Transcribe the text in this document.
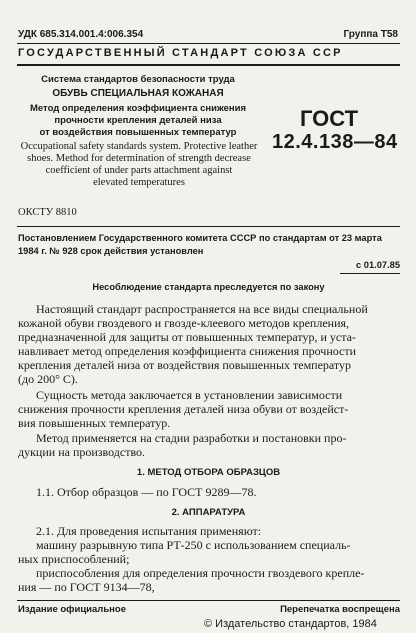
УДК 685.314.001.4:006.354	Группа Т58
ГОСУДАРСТВЕННЫЙ СТАНДАРТ СОЮЗА ССР
Система стандартов безопасности труда
ОБУВЬ СПЕЦИАЛЬНАЯ КОЖАНАЯ
Метод определения коэффициента снижения
прочности крепления деталей низа
от воздействия повышенных температур
Occupational safety standards system. Protective leather
shoes. Method for determination of strength decrease
coefficient of under parts attachment against
elevated temperatures
ГОСТ
12.4.138—84
ОКСТУ 8810
Постановлением Государственного комитета СССР по стандартам от 23 марта
1984 г. № 928 срок действия установлен
с 01.07.85
Несоблюдение стандарта преследуется по закону
Настоящий стандарт распространяется на все виды специальной
кожаной обуви гвоздевого и гвоздe-клеевого методов крепления,
предназначенной для защиты от повышенных температур, и уста-
навливает метод определения коэффициента снижения прочности
крепления деталей низа от воздействия повышенных температур
(до 200° С).
Сущность метода заключается в установлении зависимости
снижения прочности крепления деталей низа обуви от воздейст-
вия повышенных температур.
Метод применяется на стадии разработки и постановки про-
дукции на производство.
1. МЕТОД ОТБОРА ОБРАЗЦОВ
1.1. Отбор образцов — по ГОСТ 9289—78.
2. АППАРАТУРА
2.1. Для проведения испытания применяют:
машину разрывную типа РТ-250 с использованием специаль-
ных приспособлений;
приспособления для определения прочности гвоздевого крепле-
ния — по ГОСТ 9134—78,
Издание официальное	Перепечатка воспрещена
© Издательство стандартов, 1984
